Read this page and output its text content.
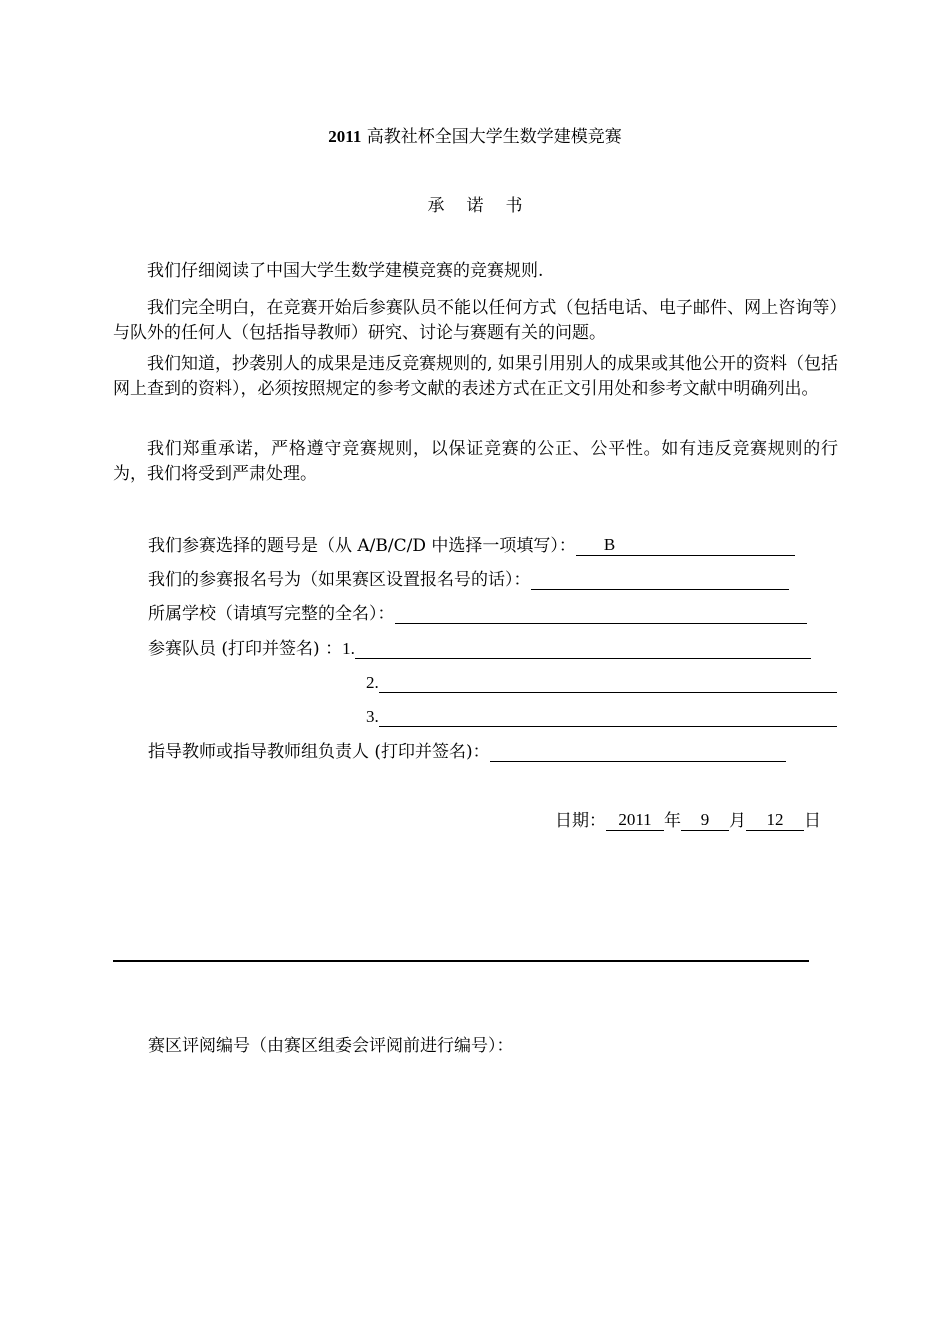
2011 高教社杯全国大学生数学建模竞赛
承诺书
我们仔细阅读了中国大学生数学建模竞赛的竞赛规则.
我们完全明白，在竞赛开始后参赛队员不能以任何方式（包括电话、电子邮件、网上咨询等）与队外的任何人（包括指导教师）研究、讨论与赛题有关的问题。
我们知道，抄袭别人的成果是违反竞赛规则的, 如果引用别人的成果或其他公开的资料（包括网上查到的资料），必须按照规定的参考文献的表述方式在正文引用处和参考文献中明确列出。
我们郑重承诺，严格遵守竞赛规则，以保证竞赛的公正、公平性。如有违反竞赛规则的行为，我们将受到严肃处理。
我们参赛选择的题号是（从 A/B/C/D 中选择一项填写）： B
我们的参赛报名号为（如果赛区设置报名号的话）：
所属学校（请填写完整的全名）：
参赛队员 (打印并签名) ： 1.
2.
3.
指导教师或指导教师组负责人 (打印并签名)：
日期： 2011 年	9	月	12	日
赛区评阅编号（由赛区组委会评阅前进行编号）：
